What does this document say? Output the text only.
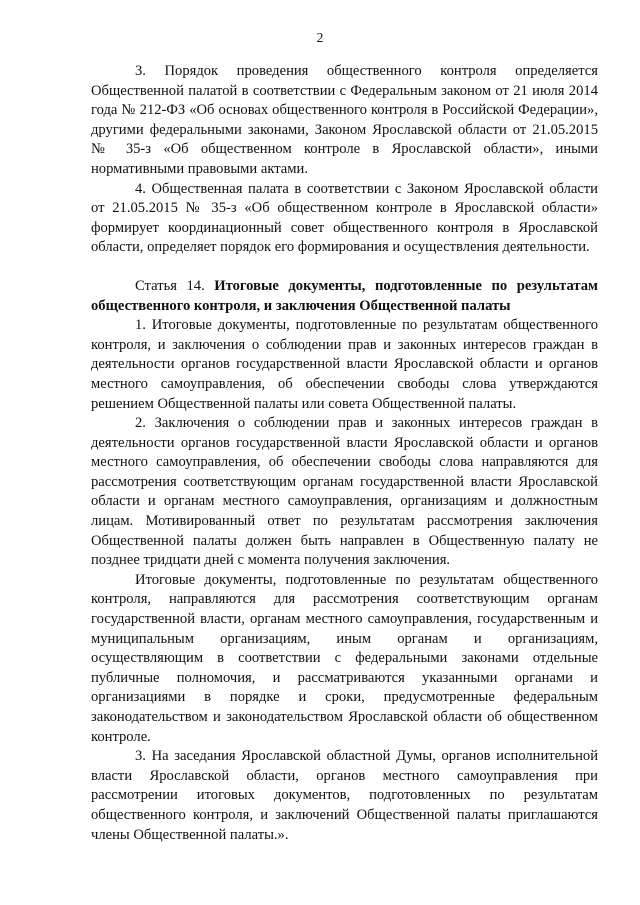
2

3. Порядок проведения общественного контроля определяется Общественной палатой в соответствии с Федеральным законом от 21 июля 2014 года № 212-ФЗ «Об основах общественного контроля в Российской Федерации», другими федеральными законами, Законом Ярославской области от 21.05.2015 № 35-з «Об общественном контроле в Ярославской области», иными нормативными правовыми актами.

4. Общественная палата в соответствии с Законом Ярославской области от 21.05.2015 № 35-з «Об общественном контроле в Ярославской области» формирует координационный совет общественного контроля в Ярославской области, определяет порядок его формирования и осуществления деятельности.

Статья 14. Итоговые документы, подготовленные по результатам общественного контроля, и заключения Общественной палаты

1. Итоговые документы, подготовленные по результатам общественного контроля, и заключения о соблюдении прав и законных интересов граждан в деятельности органов государственной власти Ярославской области и органов местного самоуправления, об обеспечении свободы слова утверждаются решением Общественной палаты или совета Общественной палаты.

2. Заключения о соблюдении прав и законных интересов граждан в деятельности органов государственной власти Ярославской области и органов местного самоуправления, об обеспечении свободы слова направляются для рассмотрения соответствующим органам государственной власти Ярославской области и органам местного самоуправления, организациям и должностным лицам. Мотивированный ответ по результатам рассмотрения заключения Общественной палаты должен быть направлен в Общественную палату не позднее тридцати дней с момента получения заключения.

Итоговые документы, подготовленные по результатам общественного контроля, направляются для рассмотрения соответствующим органам государственной власти, органам местного самоуправления, государственным и муниципальным организациям, иным органам и организациям, осуществляющим в соответствии с федеральными законами отдельные публичные полномочия, и рассматриваются указанными органами и организациями в порядке и сроки, предусмотренные федеральным законодательством и законодательством Ярославской области об общественном контроле.

3. На заседания Ярославской областной Думы, органов исполнительной власти Ярославской области, органов местного самоуправления при рассмотрении итоговых документов, подготовленных по результатам общественного контроля, и заключений Общественной палаты приглашаются члены Общественной палаты.».
